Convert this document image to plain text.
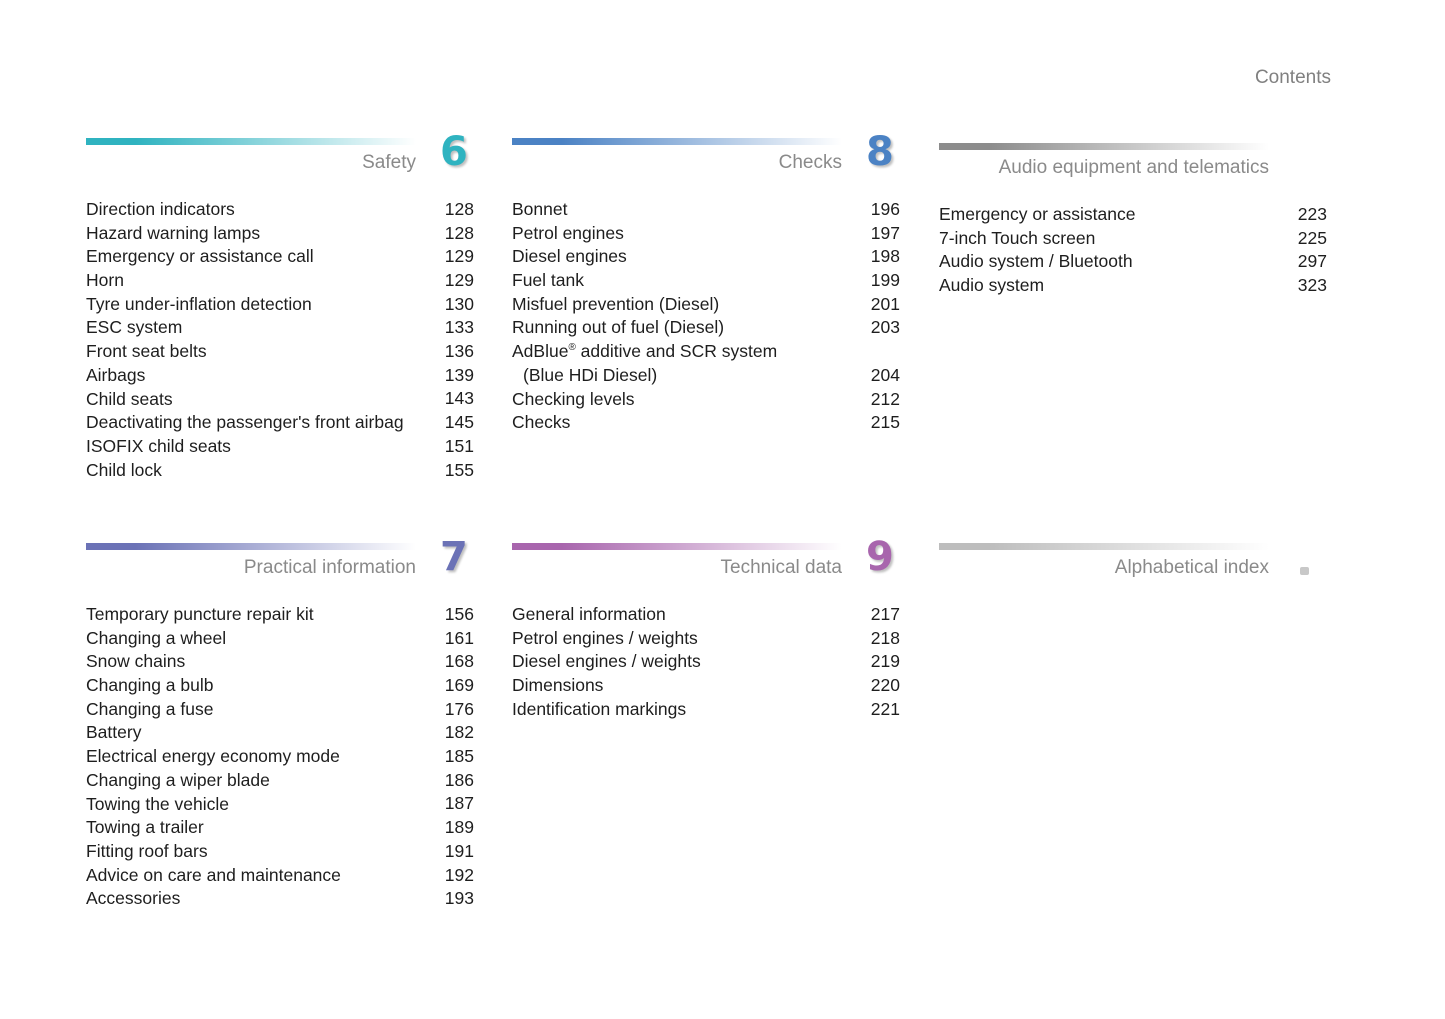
Contents
Safety 6
Direction indicators	128
Hazard warning lamps	128
Emergency or assistance call	129
Horn	129
Tyre under-inflation detection	130
ESC system	133
Front seat belts	136
Airbags	139
Child seats	143
Deactivating the passenger's front airbag	145
ISOFIX child seats	151
Child lock	155
Checks 8
Bonnet	196
Petrol engines	197
Diesel engines	198
Fuel tank	199
Misfuel prevention (Diesel)	201
Running out of fuel (Diesel)	203
AdBlue® additive and SCR system
(Blue HDi Diesel)	204
Checking levels	212
Checks	215
Audio equipment and telematics
Emergency or assistance	223
7-inch Touch screen	225
Audio system / Bluetooth	297
Audio system	323
Practical information 7
Temporary puncture repair kit	156
Changing a wheel	161
Snow chains	168
Changing a bulb	169
Changing a fuse	176
Battery	182
Electrical energy economy mode	185
Changing a wiper blade	186
Towing the vehicle	187
Towing a trailer	189
Fitting roof bars	191
Advice on care and maintenance	192
Accessories	193
Technical data 9
General information	217
Petrol engines / weights	218
Diesel engines / weights	219
Dimensions	220
Identification markings	221
Alphabetical index
